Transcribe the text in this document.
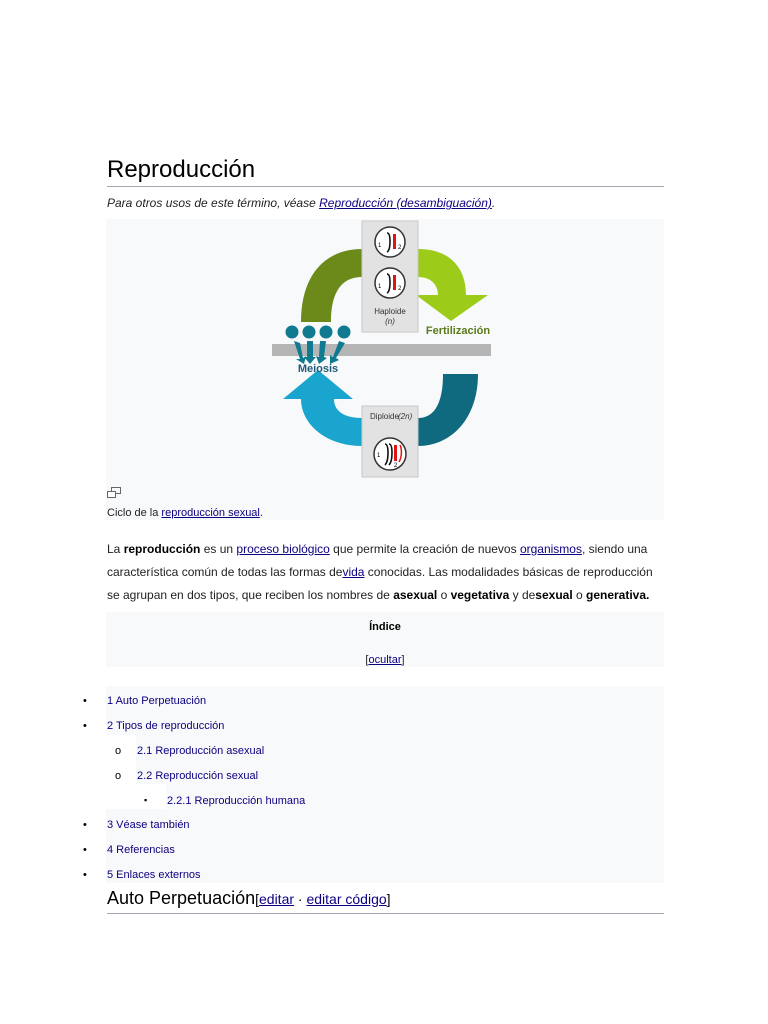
Reproducción
Para otros usos de este término, véase Reproducción (desambiguación).
1	2
1	2
Haploide
(n)
Diploide (2n)
1
2
Meiosis
Fertilización
Ciclo de la reproducción sexual.
La reproducción es un proceso biológico que permite la creación de nuevos organismos, siendo una característica común de todas las formas devida conocidas. Las modalidades básicas de reproducción se agrupan en dos tipos, que reciben los nombres de asexual o vegetativa y desexual o generativa.
Índice
[ocultar]
• 1 Auto Perpetuación
• 2 Tipos de reproducción
o 2.1 Reproducción asexual
o 2.2 Reproducción sexual
▪ 2.2.1 Reproducción humana
• 3 Véase también
• 4 Referencias
• 5 Enlaces externos
Auto Perpetuación[editar · editar código]
